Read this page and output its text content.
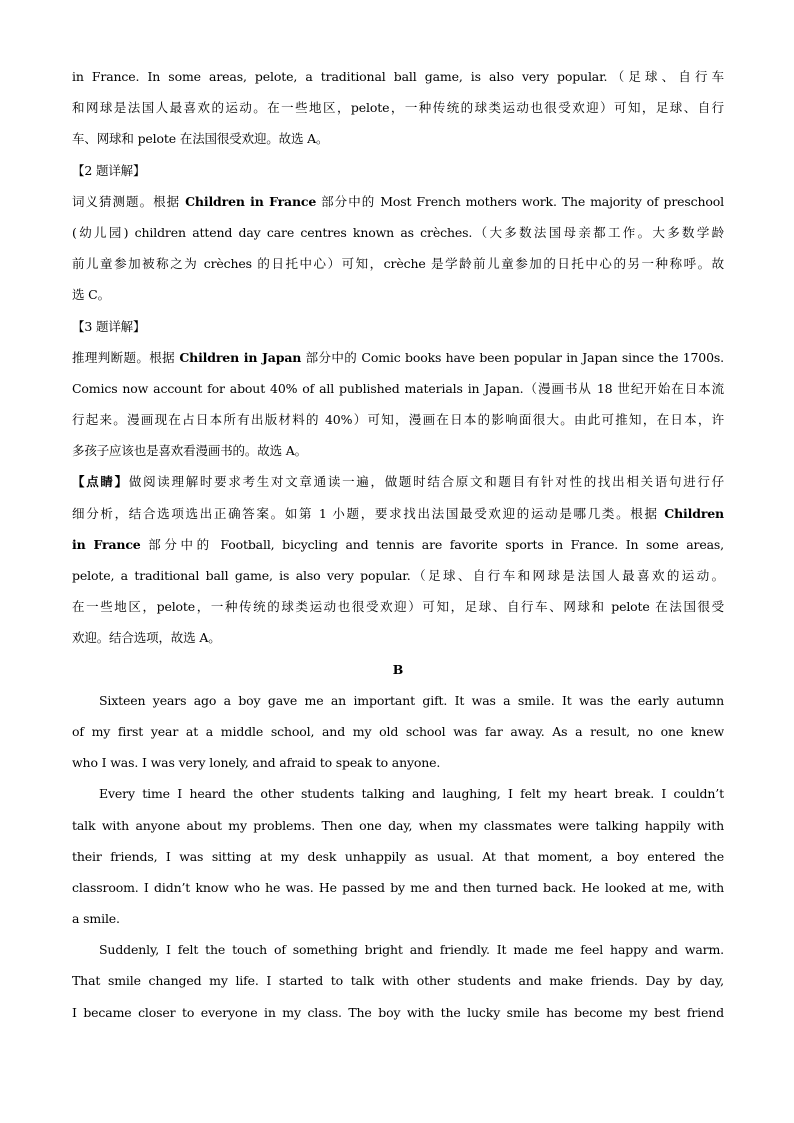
in France. In some areas, pelote, a traditional ball game, is also very popular.（足球、自行车
和网球是法国人最喜欢的运动。在一些地区，pelote，一种传统的球类运动也很受欢迎）可知，足球、自行
车、网球和 pelote 在法国很受欢迎。故选 A。
【2 题详解】
词义猜测题。根据 Children in France 部分中的 Most French mothers work. The majority of preschool
(幼儿园) children attend day care centres known as crèches.（大多数法国母亲都工作。大多数学龄
前儿童参加被称之为 crèches 的日托中心）可知，crèche 是学龄前儿童参加的日托中心的另一种称呼。故
选 C。
【3 题详解】
推理判断题。根据 Children in Japan 部分中的 Comic books have been popular in Japan since the 1700s.
Comics now account for about 40% of all published materials in Japan.（漫画书从 18 世纪开始在日本流
行起来。漫画现在占日本所有出版材料的 40%）可知，漫画在日本的影响面很大。由此可推知，在日本，许
多孩子应该也是喜欢看漫画书的。故选 A。
【点睛】做阅读理解时要求考生对文章通读一遍，做题时结合原文和题目有针对性的找出相关语句进行仔
细分析，结合选项选出正确答案。如第 1 小题，要求找出法国最受欢迎的运动是哪几类。根据 Children
in France 部分中的 Football, bicycling and tennis are favorite sports in France. In some areas,
pelote, a traditional ball game, is also very popular.（足球、自行车和网球是法国人最喜欢的运动。
在一些地区，pelote，一种传统的球类运动也很受欢迎）可知，足球、自行车、网球和 pelote 在法国很受
欢迎。结合选项，故选 A。
B
Sixteen years ago a boy gave me an important gift. It was a smile. It was the early autumn
of my first year at a middle school, and my old school was far away. As a result, no one knew
who I was. I was very lonely, and afraid to speak to anyone.
Every time I heard the other students talking and laughing, I felt my heart break. I couldn’t
talk with anyone about my problems. Then one day, when my classmates were talking happily with
their friends, I was sitting at my desk unhappily as usual. At that moment, a boy entered the
classroom. I didn’t know who he was. He passed by me and then turned back. He looked at me, with
a smile.
Suddenly, I felt the touch of something bright and friendly. It made me feel happy and warm.
That smile changed my life. I started to talk with other students and make friends. Day by day,
I became closer to everyone in my class. The boy with the lucky smile has become my best friend
